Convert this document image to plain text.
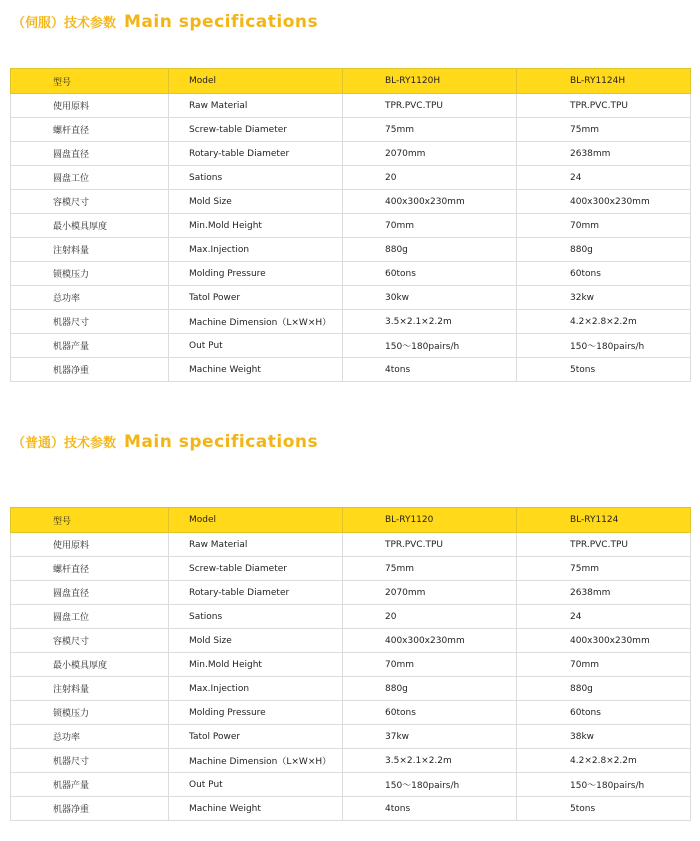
（伺服）技术参数 Main specifications
型号	Model	BL-RY1120H	BL-RY1124H
使用原料	Raw Material	TPR.PVC.TPU	TPR.PVC.TPU
螺杆直径	Screw-table Diameter	75mm	75mm
圆盘直径	Rotary-table Diameter	2070mm	2638mm
圆盘工位	Sations	20	24
容模尺寸	Mold Size	400x300x230mm	400x300x230mm
最小模具厚度	Min.Mold Height	70mm	70mm
注射料量	Max.Injection	880g	880g
锁模压力	Molding Pressure	60tons	60tons
总功率	Tatol Power	30kw	32kw
机器尺寸	Machine Dimension（L×W×H）	3.5×2.1×2.2m	4.2×2.8×2.2m
机器产量	Out Put	150〜180pairs/h	150〜180pairs/h
机器净重	Machine Weight	4tons	5tons
（普通）技术参数 Main specifications
型号	Model	BL-RY1120	BL-RY1124
使用原料	Raw Material	TPR.PVC.TPU	TPR.PVC.TPU
螺杆直径	Screw-table Diameter	75mm	75mm
圆盘直径	Rotary-table Diameter	2070mm	2638mm
圆盘工位	Sations	20	24
容模尺寸	Mold Size	400x300x230mm	400x300x230mm
最小模具厚度	Min.Mold Height	70mm	70mm
注射料量	Max.Injection	880g	880g
锁模压力	Molding Pressure	60tons	60tons
总功率	Tatol Power	37kw	38kw
机器尺寸	Machine Dimension（L×W×H）	3.5×2.1×2.2m	4.2×2.8×2.2m
机器产量	Out Put	150〜180pairs/h	150〜180pairs/h
机器净重	Machine Weight	4tons	5tons
